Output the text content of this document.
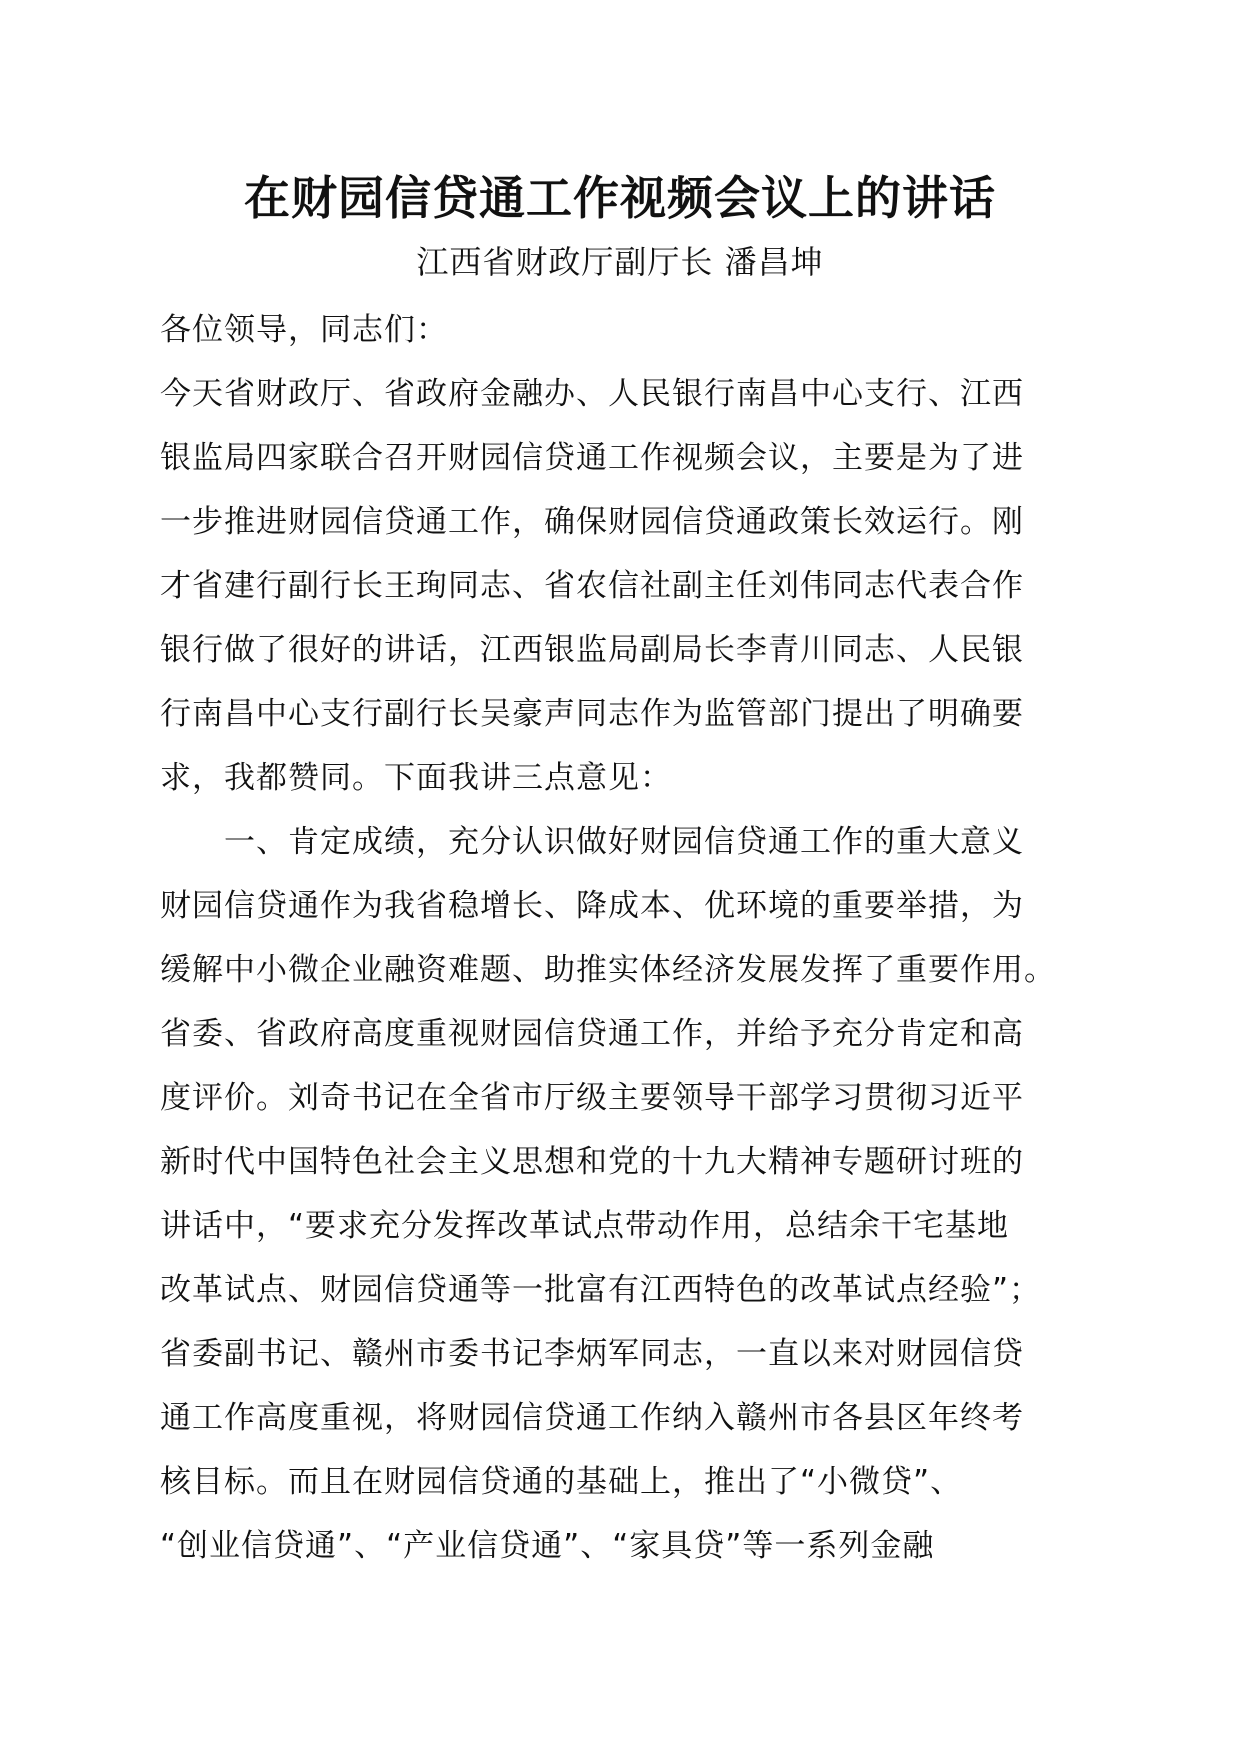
在财园信贷通工作视频会议上的讲话
江西省财政厅副厅长 潘昌坤
各位领导，同志们：
今天省财政厅、省政府金融办、人民银行南昌中心支行、江西
银监局四家联合召开财园信贷通工作视频会议，主要是为了进
一步推进财园信贷通工作，确保财园信贷通政策长效运行。刚
才省建行副行长王珣同志、省农信社副主任刘伟同志代表合作
银行做了很好的讲话，江西银监局副局长李青川同志、人民银
行南昌中心支行副行长吴豪声同志作为监管部门提出了明确要
求，我都赞同。下面我讲三点意见：
一、肯定成绩，充分认识做好财园信贷通工作的重大意义
财园信贷通作为我省稳增长、降成本、优环境的重要举措，为
缓解中小微企业融资难题、助推实体经济发展发挥了重要作用。
省委、省政府高度重视财园信贷通工作，并给予充分肯定和高
度评价。刘奇书记在全省市厅级主要领导干部学习贯彻习近平
新时代中国特色社会主义思想和党的十九大精神专题研讨班的
讲话中，“要求充分发挥改革试点带动作用，总结余干宅基地
改革试点、财园信贷通等一批富有江西特色的改革试点经验”；
省委副书记、赣州市委书记李炳军同志，一直以来对财园信贷
通工作高度重视，将财园信贷通工作纳入赣州市各县区年终考
核目标。而且在财园信贷通的基础上，推出了“小微贷”、
“创业信贷通”、“产业信贷通”、“家具贷”等一系列金融
